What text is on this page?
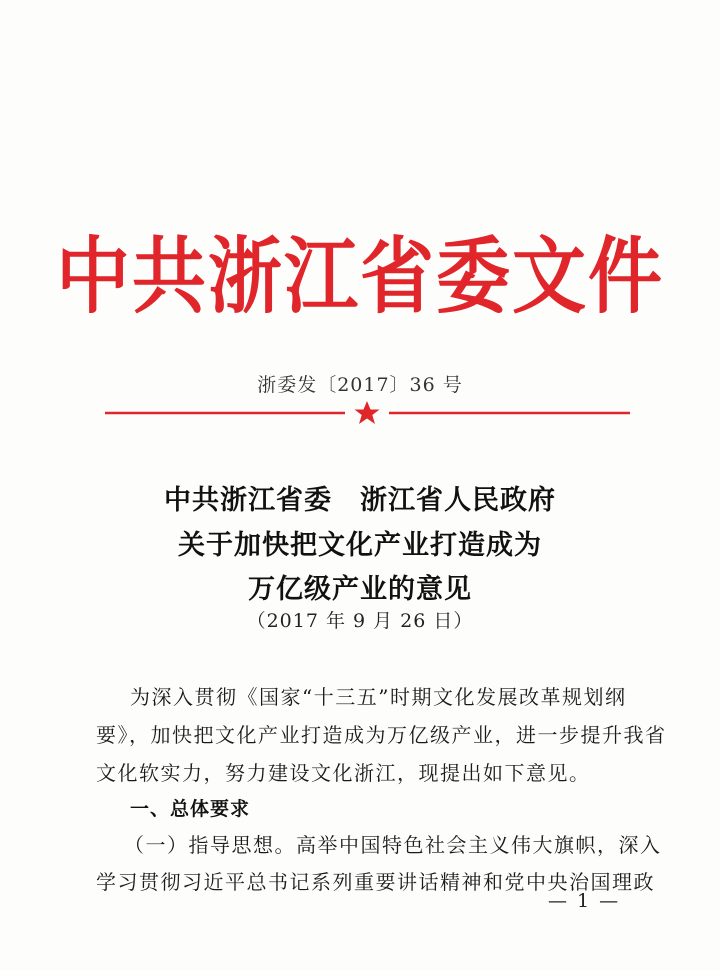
中共浙江省委文件
浙委发〔2017〕36 号
中共浙江省委　浙江省人民政府
关于加快把文化产业打造成为
万亿级产业的意见
（2017 年 9 月 26 日）
为深入贯彻《国家“十三五”时期文化发展改革规划纲
要》，加快把文化产业打造成为万亿级产业，进一步提升我省
文化软实力，努力建设文化浙江，现提出如下意见。
一、总体要求
（一）指导思想。高举中国特色社会主义伟大旗帜，深入
学习贯彻习近平总书记系列重要讲话精神和党中央治国理政
— 1 —
